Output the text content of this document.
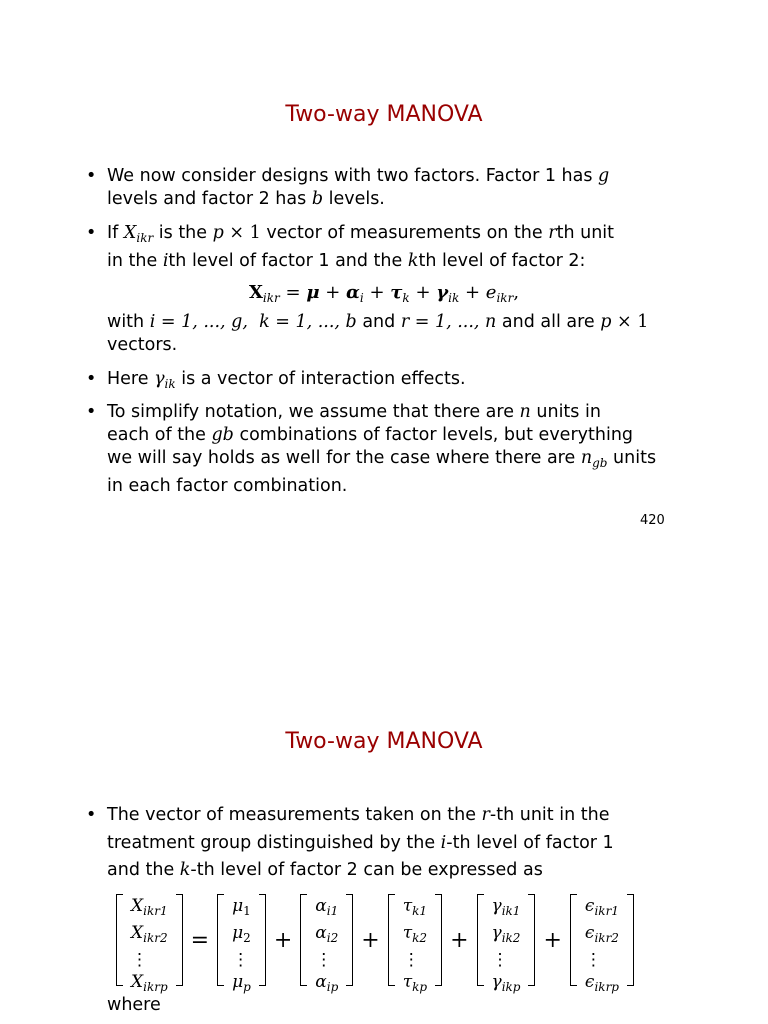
Two-way MANOVA
• We now consider designs with two factors. Factor 1 has g
levels and factor 2 has b levels.
• If $X_{ikr}$ is the p × 1 vector of measurements on the rth unit
in the ith level of factor 1 and the kth level of factor 2:
$X_{ikr} = \mu + \alpha_i + \tau_k + \gamma_{ik} + e_{ikr}$,
with i = 1, ..., g, k = 1, ..., b and r = 1, ..., n and all are p × 1
vectors.
• Here $\gamma_{ik}$ is a vector of interaction effects.
• To simplify notation, we assume that there are n units in
each of the gb combinations of factor levels, but everything
we will say holds as well for the case where there are $n_{gb}$ units
in each factor combination.
420
Two-way MANOVA
• The vector of measurements taken on the r-th unit in the
treatment group distinguished by the i-th level of factor 1
and the k-th level of factor 2 can be expressed as
$X_{ikr1}$
$X_{ikr2}$
⋮
$X_{ikrp}$
=
$\mu_1$
$\mu_2$
⋮
$\mu_p$
+
$\alpha_{i1}$
$\alpha_{i2}$
⋮
$\alpha_{ip}$
+
$\tau_{k1}$
$\tau_{k2}$
⋮
$\tau_{kp}$
+
$\gamma_{ik1}$
$\gamma_{ik2}$
⋮
$\gamma_{ikp}$
+
$\epsilon_{ikr1}$
$\epsilon_{ikr2}$
⋮
$\epsilon_{ikrp}$
where
